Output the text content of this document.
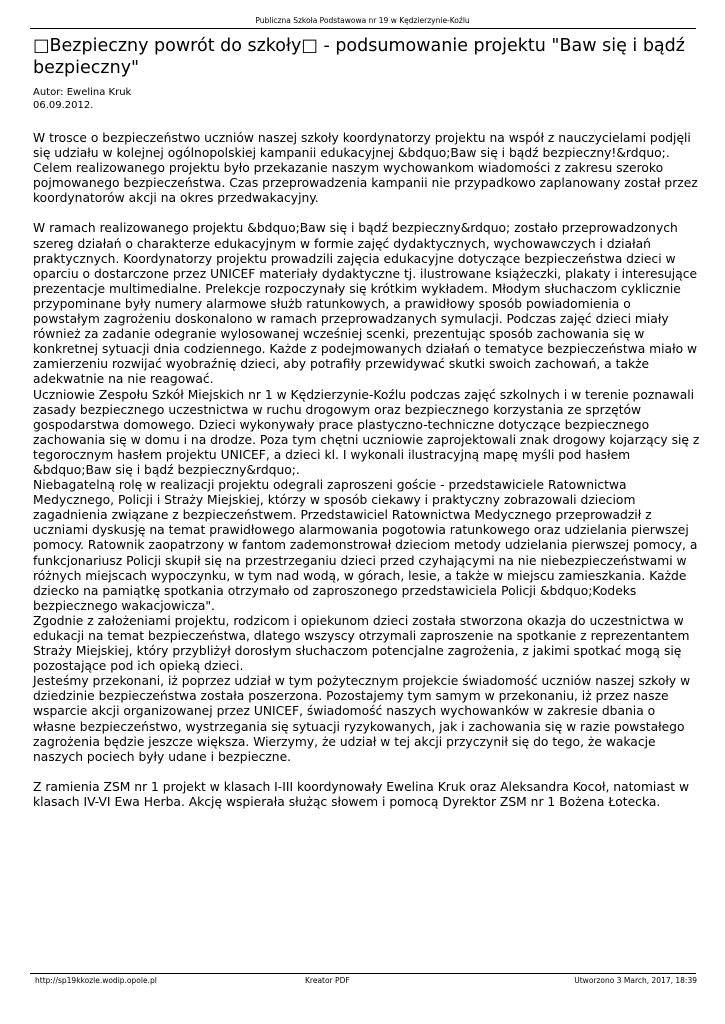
Publiczna Szkoła Podstawowa nr 19 w Kędzierzynie-Koźlu
□Bezpieczny powrót do szkoły□ - podsumowanie projektu "Baw się i bądź bezpieczny"
Autor: Ewelina Kruk
06.09.2012.

W trosce o bezpieczeństwo uczniów naszej szkoły koordynatorzy projektu na współ z nauczycielami podjęli się udziału w kolejnej ogólnopolskiej kampanii edukacyjnej &bdquo;Baw się i bądź bezpieczny!&rdquo;. Celem realizowanego projektu było przekazanie naszym wychowankom wiadomości z zakresu szeroko pojmowanego bezpieczeństwa. Czas przeprowadzenia kampanii nie przypadkowo zaplanowany został przez koordynatorów akcji na okres przedwakacyjny.

W ramach realizowanego projektu &bdquo;Baw się i bądź bezpieczny&rdquo; zostało przeprowadzonych szereg działań o charakterze edukacyjnym w formie zajęć dydaktycznych, wychowawczych i działań praktycznych. Koordynatorzy projektu prowadzili zajęcia edukacyjne dotyczące bezpieczeństwa dzieci w oparciu o dostarczone przez UNICEF materiały dydaktyczne tj. ilustrowane książeczki, plakaty i interesujące prezentacje multimedialne. Prelekcje rozpoczynały się krótkim wykładem. Młodym słuchaczom cyklicznie przypominane były numery alarmowe służb ratunkowych, a prawidłowy sposób powiadomienia o powstałym zagrożeniu doskonalono w ramach przeprowadzanych symulacji. Podczas zajęć dzieci miały również za zadanie odegranie wylosowanej wcześniej scenki, prezentując sposób zachowania się w konkretnej sytuacji dnia codziennego. Każde z podejmowanych działań o tematyce bezpieczeństwa miało w zamierzeniu rozwijać wyobraźnię dzieci, aby potrafiły przewidywać skutki swoich zachowań, a także adekwatnie na nie reagować.

Uczniowie Zespołu Szkół Miejskich nr 1 w Kędzierzynie-Koźlu podczas zajęć szkolnych i w terenie poznawali zasady bezpiecznego uczestnictwa w ruchu drogowym oraz bezpiecznego korzystania ze sprzętów gospodarstwa domowego. Dzieci wykonywały prace plastyczno-techniczne dotyczące bezpiecznego zachowania się w domu i na drodze. Poza tym chętni uczniowie zaprojektowali znak drogowy kojarzący się z tegorocznym hasłem projektu UNICEF, a dzieci kl. I wykonali ilustracyjną mapę myśli pod hasłem &bdquo;Baw się i bądź bezpieczny&rdquo;.

Niebagatelną rolę w realizacji projektu odegrali zaproszeni goście - przedstawiciele Ratownictwa Medycznego, Policji i Straży Miejskiej, którzy w sposób ciekawy i praktyczny zobrazowali dzieciom zagadnienia związane z bezpieczeństwem. Przedstawiciel Ratownictwa Medycznego przeprowadził z uczniami dyskusję na temat prawidłowego alarmowania pogotowia ratunkowego oraz udzielania pierwszej pomocy. Ratownik zaopatrzony w fantom zademonstrował dzieciom metody udzielania pierwszej pomocy, a funkcjonariusz Policji skupił się na przestrzeganiu dzieci przed czyhającymi na nie niebezpieczeństwami w różnych miejscach wypoczynku, w tym nad wodą, w górach, lesie, a także w miejscu zamieszkania. Każde dziecko na pamiątkę spotkania otrzymało od zaproszonego przedstawiciela Policji &bdquo;Kodeks bezpiecznego wakacjowicza".

Zgodnie z założeniami projektu, rodzicom i opiekunom dzieci została stworzona okazja do uczestnictwa w edukacji na temat bezpieczeństwa, dlatego wszyscy otrzymali zaproszenie na spotkanie z reprezentantem Straży Miejskiej, który przybliżył dorosłym słuchaczom potencjalne zagrożenia, z jakimi spotkać mogą się pozostające pod ich opieką dzieci.

Jesteśmy przekonani, iż poprzez udział w tym pożytecznym projekcie świadomość uczniów naszej szkoły w dziedzinie bezpieczeństwa została poszerzona. Pozostajemy tym samym w przekonaniu, iż przez nasze wsparcie akcji organizowanej przez UNICEF, świadomość naszych wychowanków w zakresie dbania o własne bezpieczeństwo, wystrzegania się sytuacji ryzykowanych, jak i zachowania się w razie powstałego zagrożenia będzie jeszcze większa. Wierzymy, że udział w tej akcji przyczynił się do tego, że wakacje naszych pociech były udane i bezpieczne.

Z ramienia ZSM nr 1 projekt w klasach I-III koordynowały Ewelina Kruk oraz Aleksandra Kocoł, natomiast w klasach IV-VI Ewa Herba. Akcję wspierała służąc słowem i pomocą Dyrektor ZSM nr 1 Bożena Łotecka.

http://sp19kkozle.wodip.opole.pl	Kreator PDF	Utworzono 3 March, 2017, 18:39
